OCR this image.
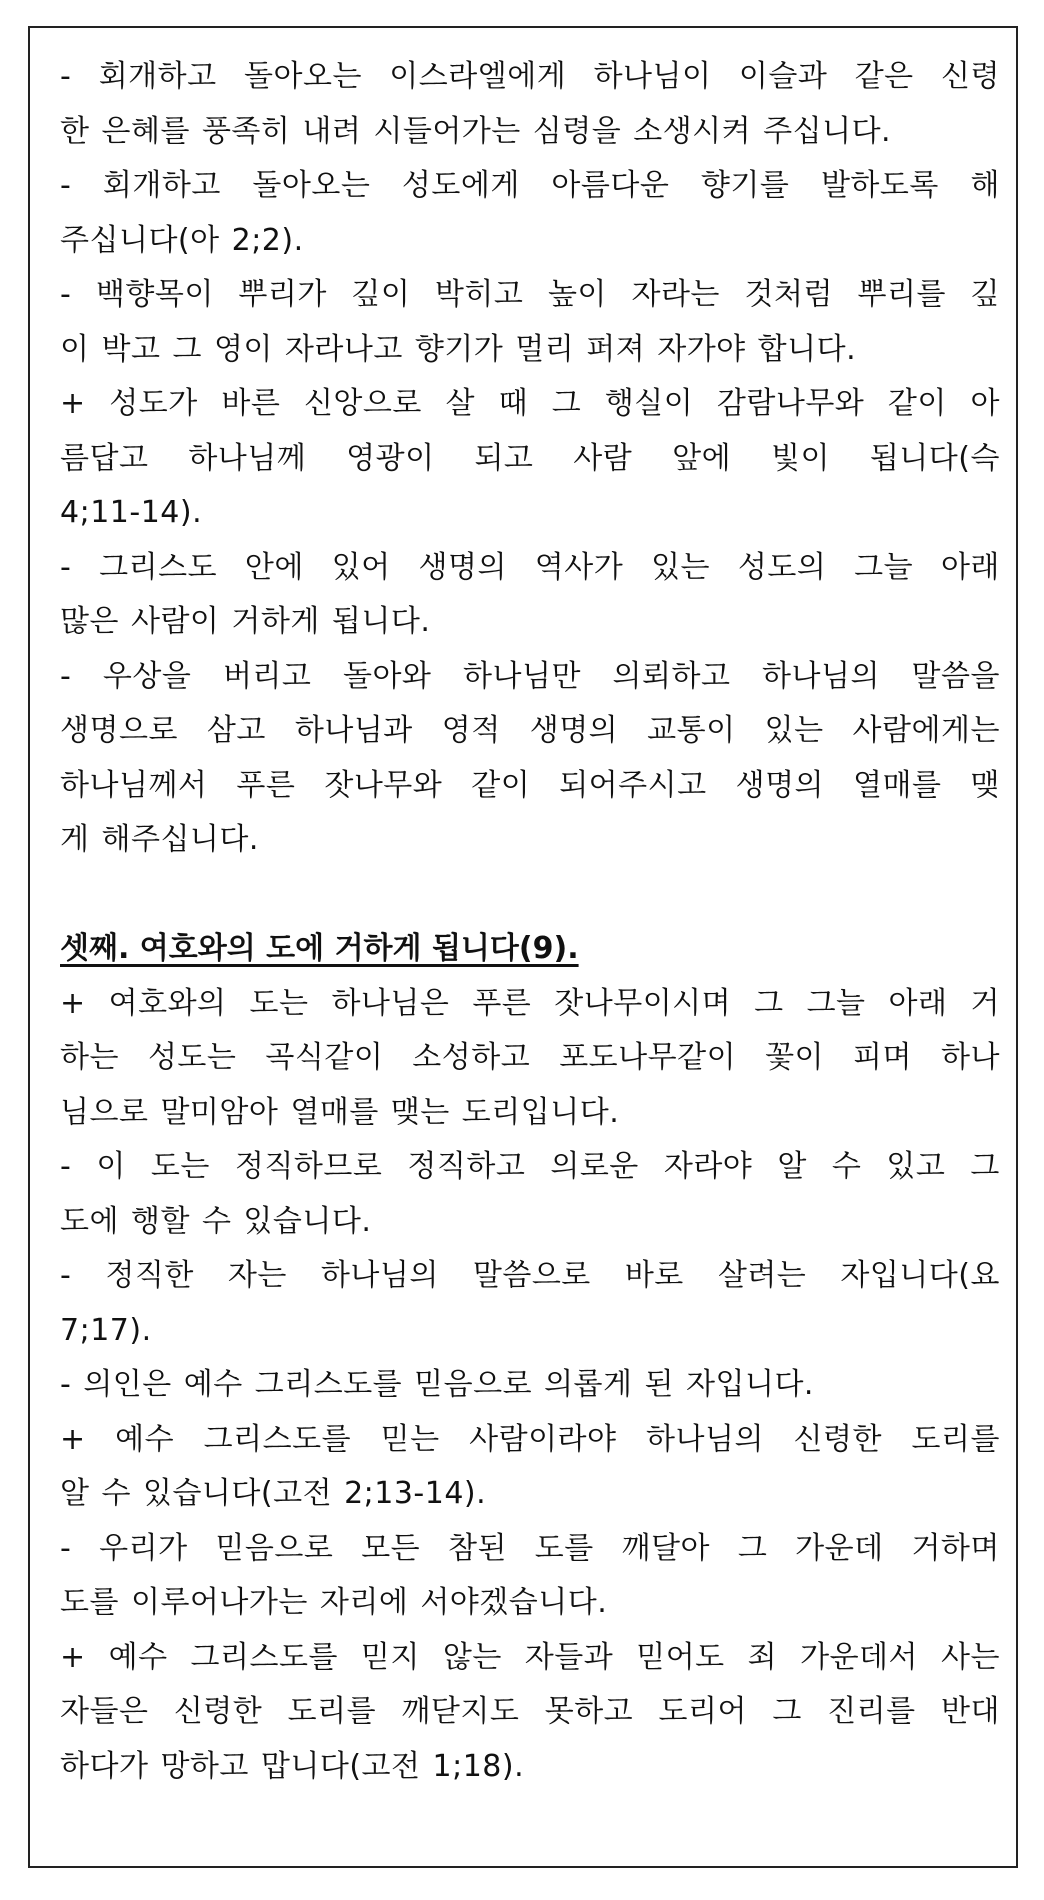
- 회개하고 돌아오는 이스라엘에게 하나님이 이슬과 같은 신령
한 은혜를 풍족히 내려 시들어가는 심령을 소생시켜 주십니다.
- 회개하고 돌아오는 성도에게 아름다운 향기를 발하도록 해
주십니다(아 2;2).
- 백향목이 뿌리가 깊이 박히고 높이 자라는 것처럼 뿌리를 깊
이 박고 그 영이 자라나고 향기가 멀리 퍼져 자가야 합니다.
+ 성도가 바른 신앙으로 살 때 그 행실이 감람나무와 같이 아
름답고 하나님께 영광이 되고 사람 앞에 빛이 됩니다(슥
4;11-14).
- 그리스도 안에 있어 생명의 역사가 있는 성도의 그늘 아래
많은 사람이 거하게 됩니다.
- 우상을 버리고 돌아와 하나님만 의뢰하고 하나님의 말씀을
생명으로 삼고 하나님과 영적 생명의 교통이 있는 사람에게는
하나님께서 푸른 잣나무와 같이 되어주시고 생명의 열매를 맺
게 해주십니다.
셋째. 여호와의 도에 거하게 됩니다(9).
+ 여호와의 도는 하나님은 푸른 잣나무이시며 그 그늘 아래 거
하는 성도는 곡식같이 소성하고 포도나무같이 꽃이 피며 하나
님으로 말미암아 열매를 맺는 도리입니다.
- 이 도는 정직하므로 정직하고 의로운 자라야 알 수 있고 그
도에 행할 수 있습니다.
- 정직한 자는 하나님의 말씀으로 바로 살려는 자입니다(요
7;17).
- 의인은 예수 그리스도를 믿음으로 의롭게 된 자입니다.
+ 예수 그리스도를 믿는 사람이라야 하나님의 신령한 도리를
알 수 있습니다(고전 2;13-14).
- 우리가 믿음으로 모든 참된 도를 깨달아 그 가운데 거하며
도를 이루어나가는 자리에 서야겠습니다.
+ 예수 그리스도를 믿지 않는 자들과 믿어도 죄 가운데서 사는
자들은 신령한 도리를 깨닫지도 못하고 도리어 그 진리를 반대
하다가 망하고 맙니다(고전 1;18).
